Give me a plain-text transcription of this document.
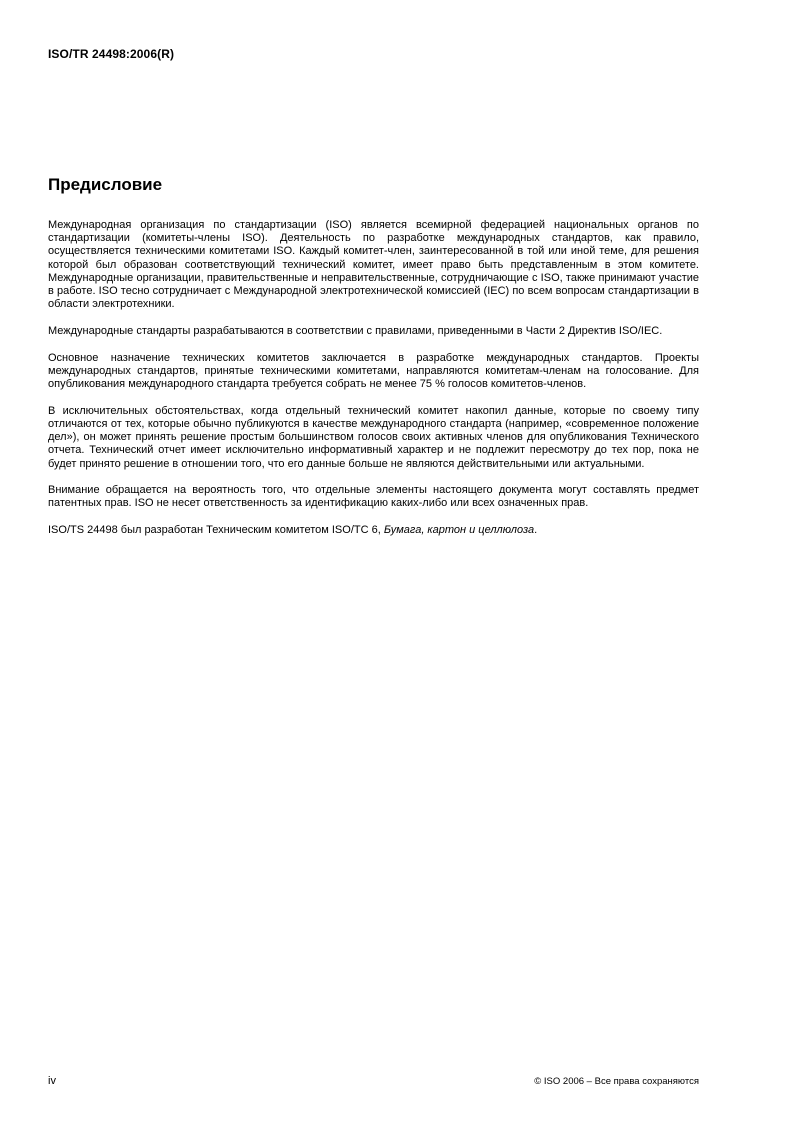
ISO/TR 24498:2006(R)
Предисловие

Международная организация по стандартизации (ISO) является всемирной федерацией национальных органов по стандартизации (комитеты-члены ISO). Деятельность по разработке международных стандартов, как правило, осуществляется техническими комитетами ISO. Каждый комитет-член, заинтересованной в той или иной теме, для решения которой был образован соответствующий технический комитет, имеет право быть представленным в этом комитете. Международные организации, правительственные и неправительственные, сотрудничающие с ISO, также принимают участие в работе. ISO тесно сотрудничает с Международной электротехнической комиссией (IEC) по всем вопросам стандартизации в области электротехники.

Международные стандарты разрабатываются в соответствии с правилами, приведенными в Части 2 Директив ISO/IEC.

Основное назначение технических комитетов заключается в разработке международных стандартов. Проекты международных стандартов, принятые техническими комитетами, направляются комитетам-членам на голосование. Для опубликования международного стандарта требуется собрать не менее 75 % голосов комитетов-членов.

В исключительных обстоятельствах, когда отдельный технический комитет накопил данные, которые по своему типу отличаются от тех, которые обычно публикуются в качестве международного стандарта (например, «современное положение дел»), он может принять решение простым большинством голосов своих активных членов для опубликования Технического отчета. Технический отчет имеет исключительно информативный характер и не подлежит пересмотру до тех пор, пока не будет принято решение в отношении того, что его данные больше не являются действительными или актуальными.

Внимание обращается на вероятность того, что отдельные элементы настоящего документа могут составлять предмет патентных прав. ISO не несет ответственность за идентификацию каких-либо или всех означенных прав.

ISO/TS 24498 был разработан Техническим комитетом ISO/TC 6, Бумага, картон и целлюлоза.

iv	© ISO 2006 – Все права сохраняются
